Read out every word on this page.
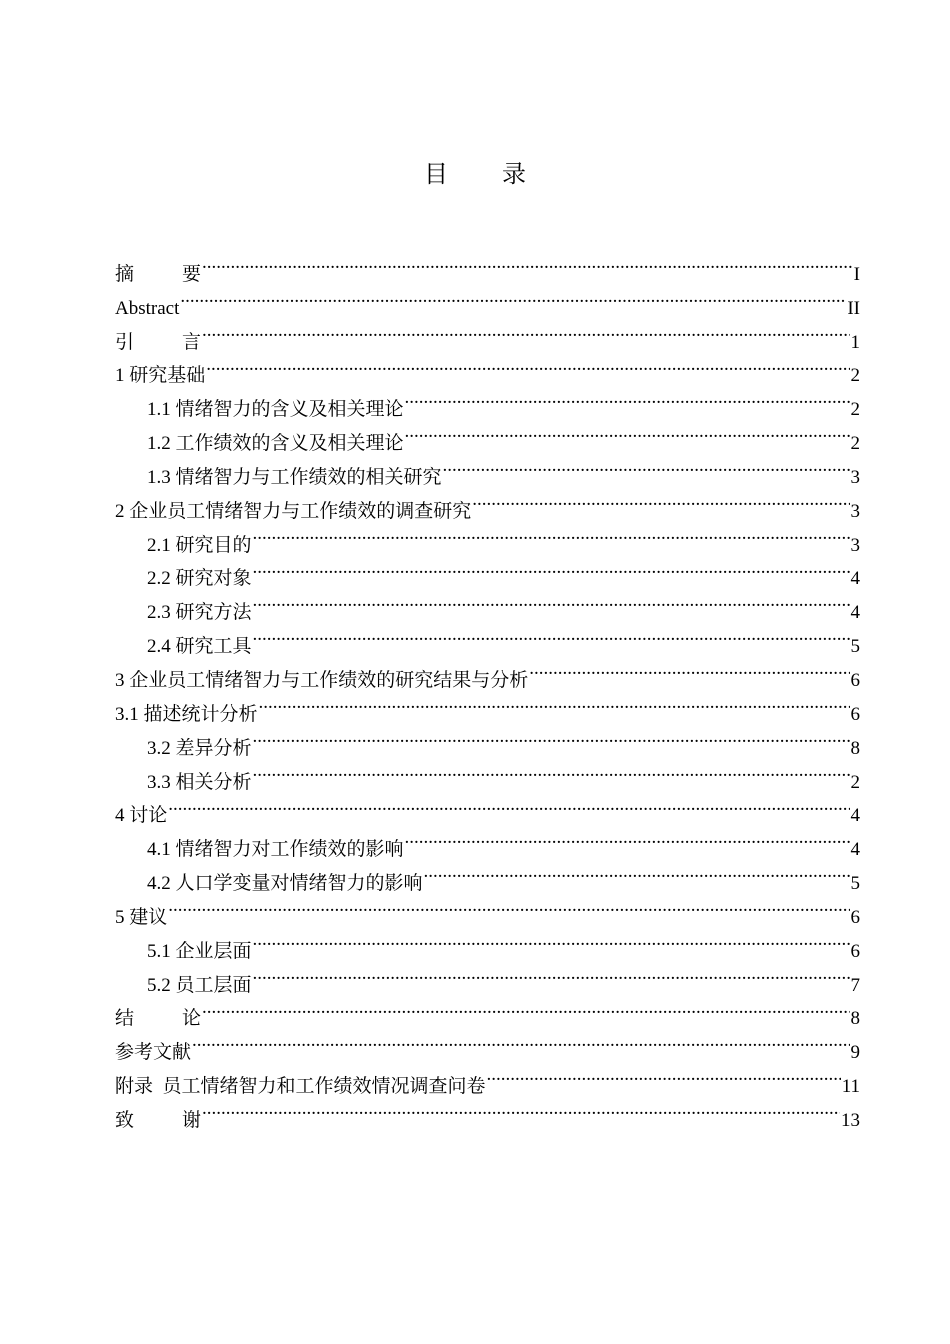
目 录
摘	要 .....	I
Abstract .....	II
引	言 .....	1
1 研究基础 .....	2
1.1 情绪智力的含义及相关理论 .....	2
1.2 工作绩效的含义及相关理论 .....	2
1.3 情绪智力与工作绩效的相关研究 .....	3
2 企业员工情绪智力与工作绩效的调查研究 .....	3
2.1 研究目的 .....	3
2.2 研究对象 .....	4
2.3 研究方法 .....	4
2.4 研究工具 .....	5
3 企业员工情绪智力与工作绩效的研究结果与分析 .....	6
3.1 描述统计分析 .....	6
3.2 差异分析 .....	8
3.3 相关分析 .....	2
4 讨论 .....	4
4.1 情绪智力对工作绩效的影响 .....	4
4.2 人口学变量对情绪智力的影响 .....	5
5 建议 .....	6
5.1 企业层面 .....	6
5.2 员工层面 .....	7
结	论 .....	8
参考文献 .....	9
附录  员工情绪智力和工作绩效情况调查问卷 .....	11
致	谢 .....	13
